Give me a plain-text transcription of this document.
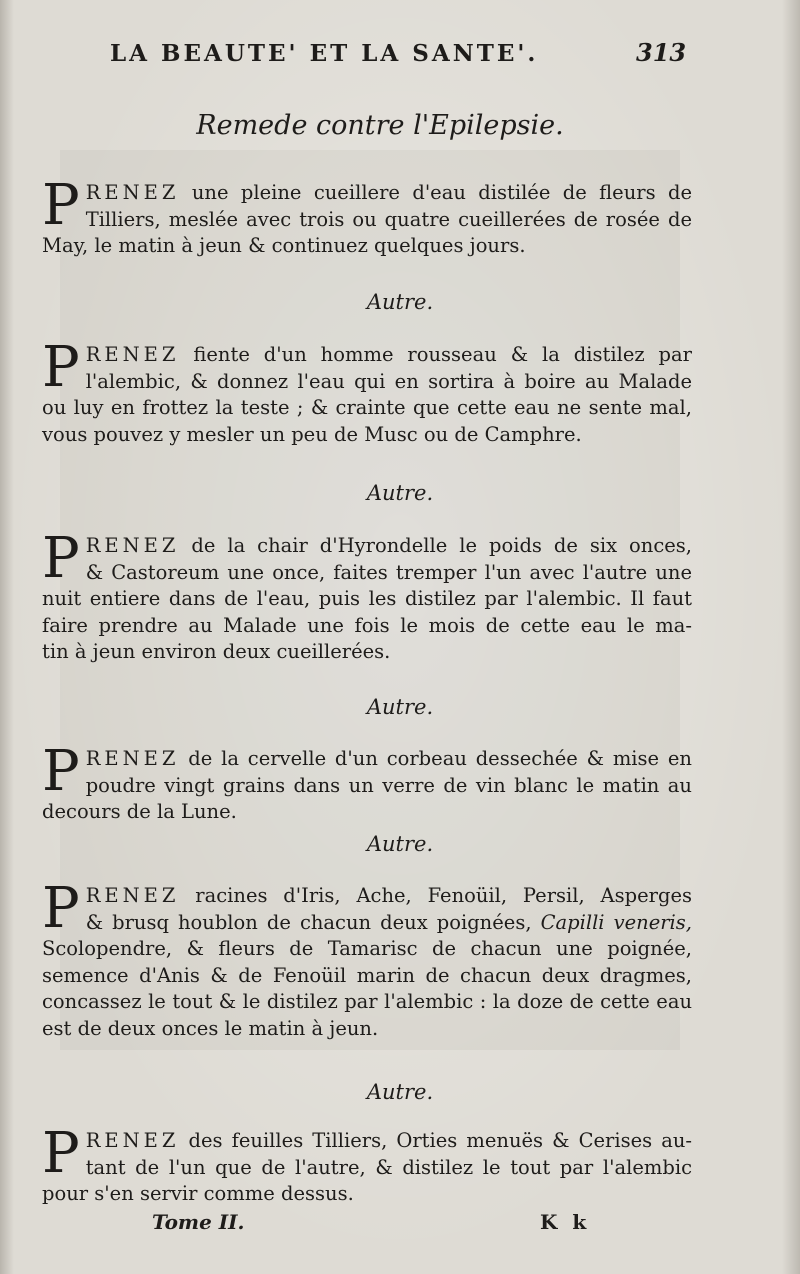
LA BEAUTE' ET LA SANTE'.	313
Remede contre l'Epilepsie.
P RENEZ une pleine cueillere d'eau distilée de fleurs de
Tilliers, meslée avec trois ou quatre cueillerées de rosée de
May, le matin à jeun & continuez quelques jours.
Autre.
P RENEZ fiente d'un homme rousseau & la distilez par
l'alembic, & donnez l'eau qui en sortira à boire au Malade
ou luy en frottez la teste ; & crainte que cette eau ne sente mal,
vous pouvez y mesler un peu de Musc ou de Camphre.
Autre.
P RENEZ de la chair d'Hyrondelle le poids de six onces,
& Castoreum une once, faites tremper l'un avec l'autre une
nuit entiere dans de l'eau, puis les distilez par l'alembic. Il faut
faire prendre au Malade une fois le mois de cette eau le ma-
tin à jeun environ deux cueillerées.
Autre.
P RENEZ de la cervelle d'un corbeau dessechée & mise en
poudre vingt grains dans un verre de vin blanc le matin au
decours de la Lune.
Autre.
P RENEZ racines d'Iris, Ache, Fenoüil, Persil, Asperges
& brusq houblon de chacun deux poignées, Capilli veneris,
Scolopendre, & fleurs de Tamarisc de chacun une poignée,
semence d'Anis & de Fenoüil marin de chacun deux dragmes,
concassez le tout & le distilez par l'alembic : la doze de cette eau
est de deux onces le matin à jeun.
Autre.
P RENEZ des feuilles Tilliers, Orties menuës & Cerises au-
tant de l'un que de l'autre, & distilez le tout par l'alembic
pour s'en servir comme dessus.
Tome II.	K k
